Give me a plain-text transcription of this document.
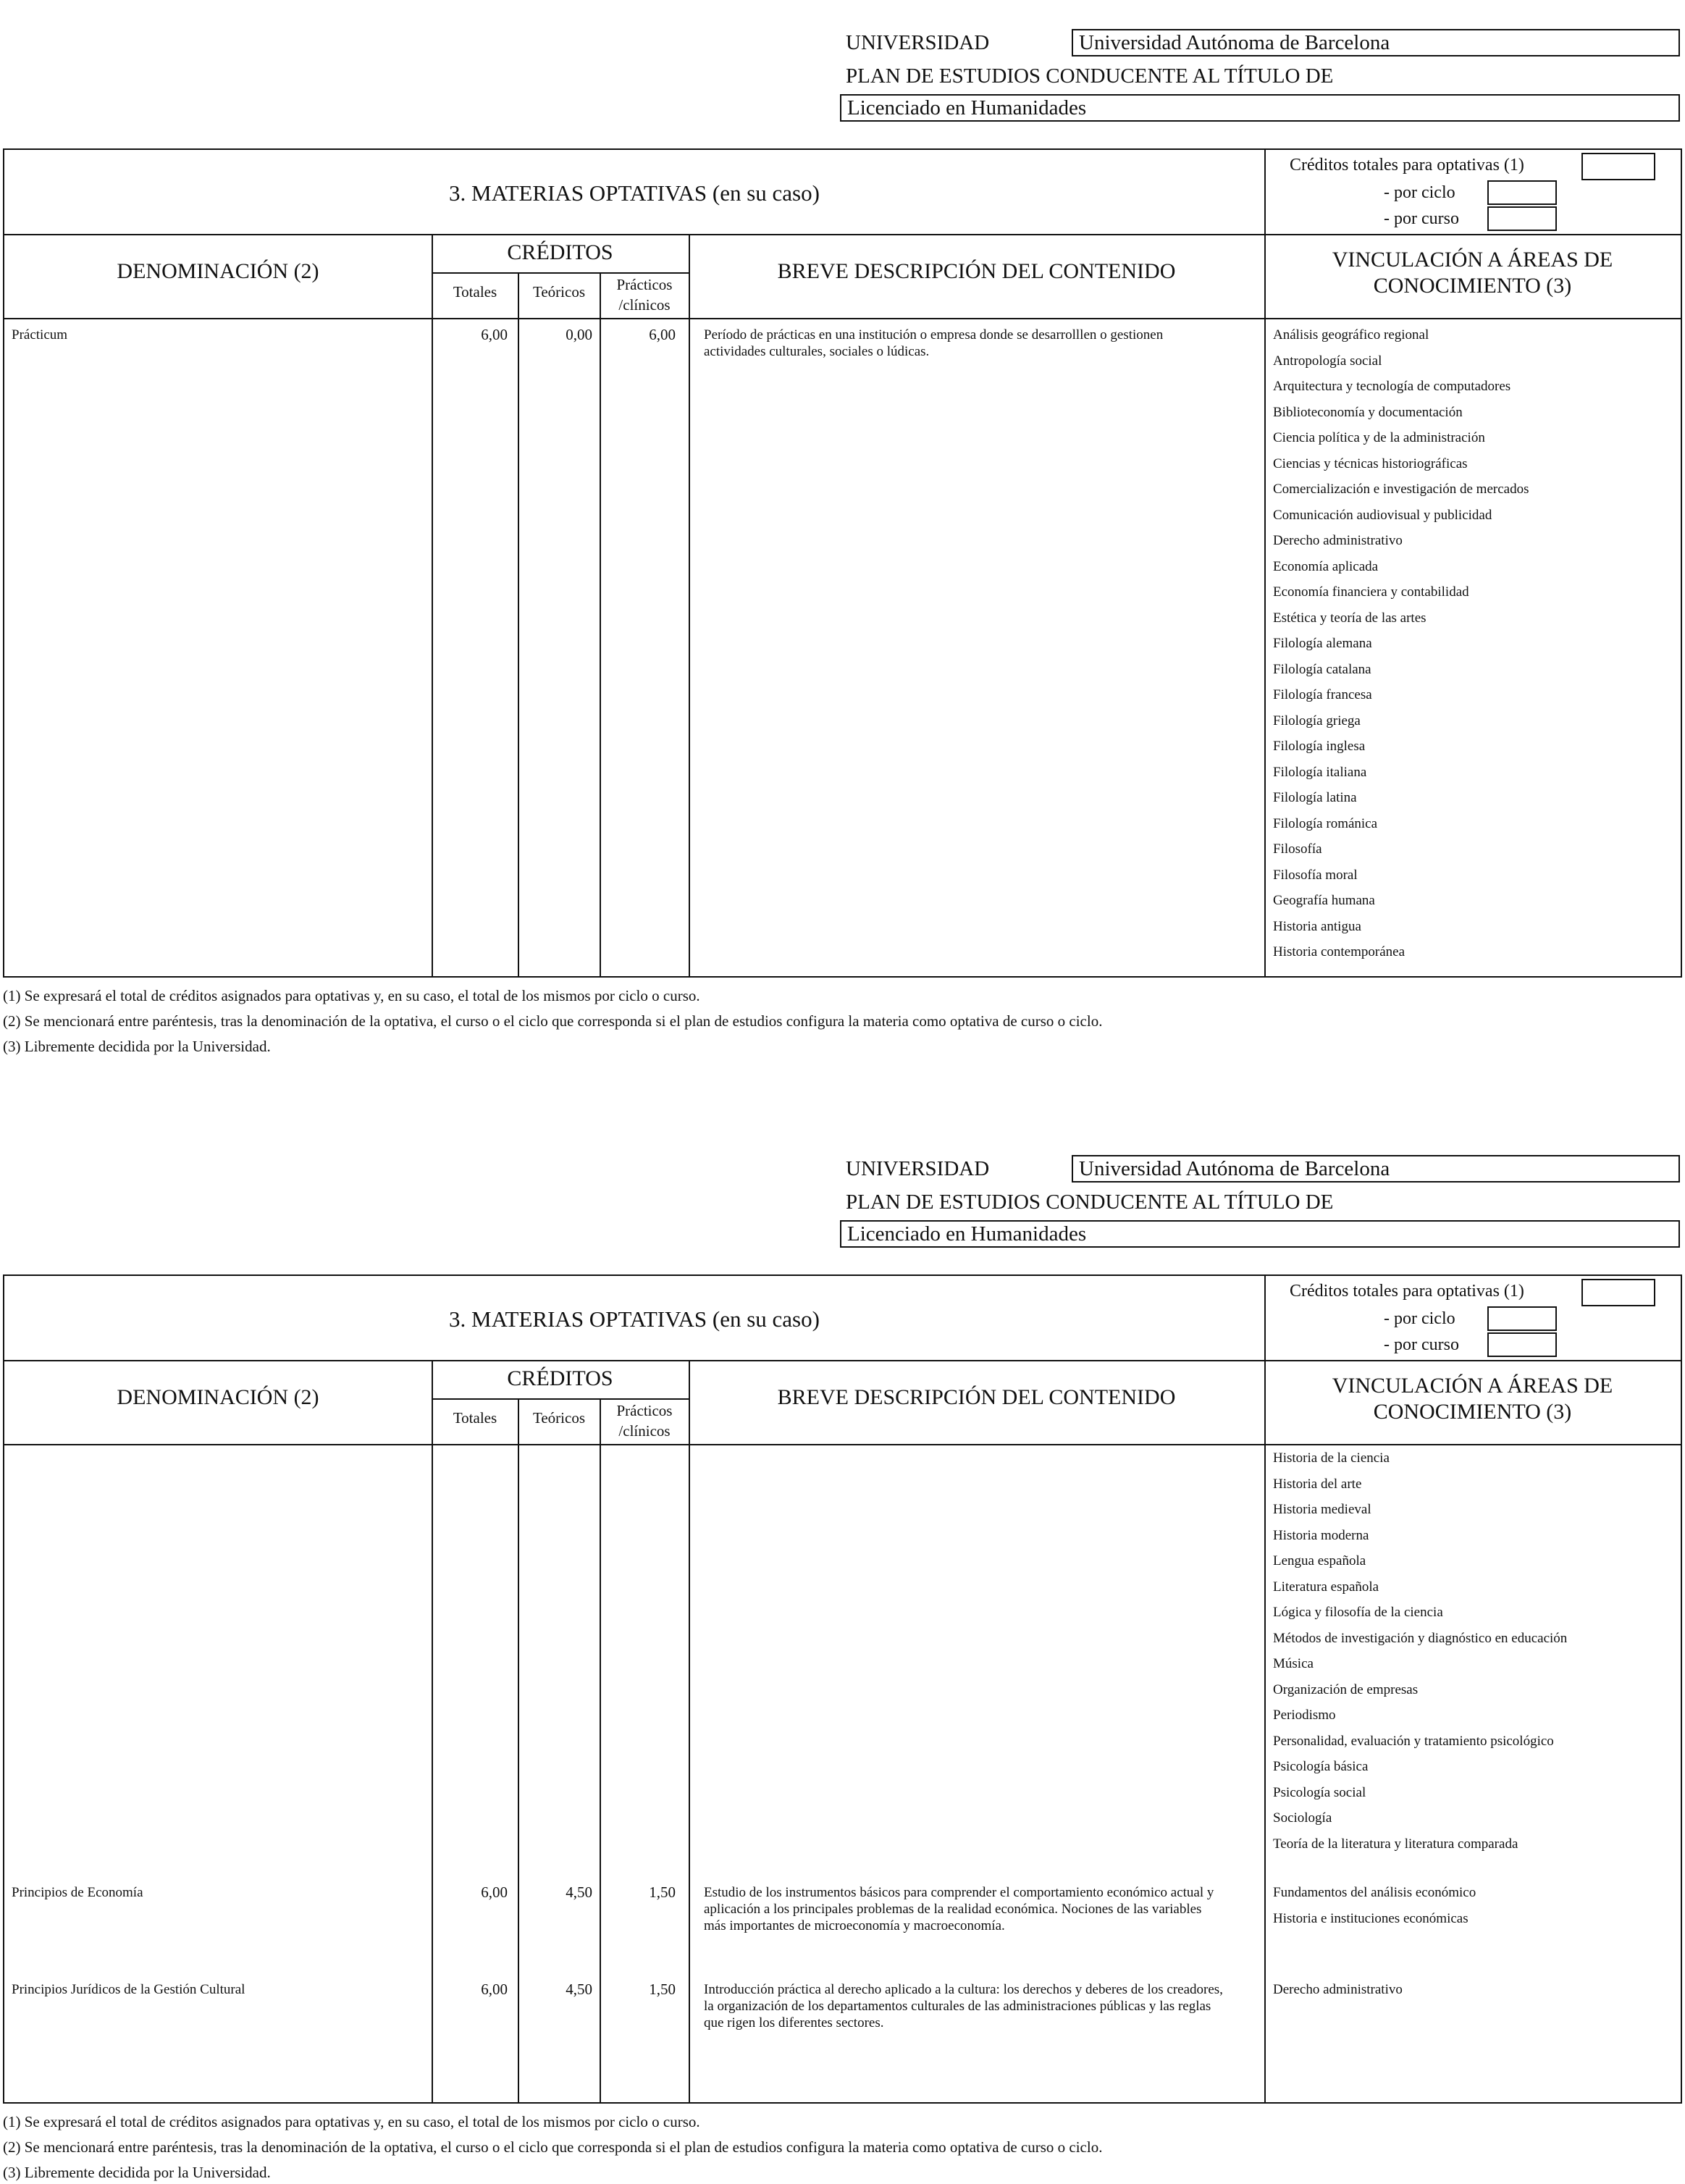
UNIVERSIDAD	Universidad Autónoma de Barcelona
PLAN DE ESTUDIOS CONDUCENTE AL TÍTULO DE
Licenciado en Humanidades
3. MATERIAS OPTATIVAS (en su caso)
Créditos totales para optativas (1)
- por ciclo
- por curso
DENOMINACIÓN (2)
CRÉDITOS
Totales	Teóricos	Prácticos
/clínicos
BREVE DESCRIPCIÓN DEL CONTENIDO	VINCULACIÓN A ÁREAS DE
CONOCIMIENTO (3)
Prácticum	6,00	0,00	6,00 Período de prácticas en una institución o empresa donde se desarrolllen o gestionen actividades culturales, sociales o lúdicas.
Análisis geográfico regional
Antropología social
Arquitectura y tecnología de computadores
Biblioteconomía y documentación
Ciencia política y de la administración
Ciencias y técnicas historiográficas
Comercialización e investigación de mercados
Comunicación audiovisual y publicidad
Derecho administrativo
Economía aplicada
Economía financiera y contabilidad
Estética y teoría de las artes
Filología alemana
Filología catalana
Filología francesa
Filología griega
Filología inglesa
Filología italiana
Filología latina
Filología románica
Filosofía
Filosofía moral
Geografía humana
Historia antigua
Historia contemporánea
(1) Se expresará el total de créditos asignados para optativas y, en su caso, el total de los mismos por ciclo o curso.
(2) Se mencionará entre paréntesis, tras la denominación de la optativa, el curso o el ciclo que corresponda si el plan de estudios configura la materia como optativa de curso o ciclo.
(3) Libremente decidida por la Universidad.
UNIVERSIDAD	Universidad Autónoma de Barcelona
PLAN DE ESTUDIOS CONDUCENTE AL TÍTULO DE
Licenciado en Humanidades
3. MATERIAS OPTATIVAS (en su caso)
Créditos totales para optativas (1)
- por ciclo
- por curso
DENOMINACIÓN (2)
CRÉDITOS
Totales	Teóricos	Prácticos
/clínicos
BREVE DESCRIPCIÓN DEL CONTENIDO	VINCULACIÓN A ÁREAS DE
CONOCIMIENTO (3)
Historia de la ciencia
Historia del arte
Historia medieval
Historia moderna
Lengua española
Literatura española
Lógica y filosofía de la ciencia
Métodos de investigación y diagnóstico en educación
Música
Organización de empresas
Periodismo
Personalidad, evaluación y tratamiento psicológico
Psicología básica
Psicología social
Sociología
Teoría de la literatura y literatura comparada
Principios de Economía	6,00	4,50	1,50 Estudio de los instrumentos básicos para comprender el comportamiento económico actual y aplicación a los principales problemas de la realidad económica. Nociones de las variables más importantes de microeconomía y macroeconomía.
Fundamentos del análisis económico
Historia e instituciones económicas
Principios Jurídicos de la Gestión Cultural	6,00	4,50	1,50 Introducción práctica al derecho aplicado a la cultura: los derechos y deberes de los creadores, la organización de los departamentos culturales de las administraciones públicas y las reglas que rigen los diferentes sectores.
Derecho administrativo
(1) Se expresará el total de créditos asignados para optativas y, en su caso, el total de los mismos por ciclo o curso.
(2) Se mencionará entre paréntesis, tras la denominación de la optativa, el curso o el ciclo que corresponda si el plan de estudios configura la materia como optativa de curso o ciclo.
(3) Libremente decidida por la Universidad.
